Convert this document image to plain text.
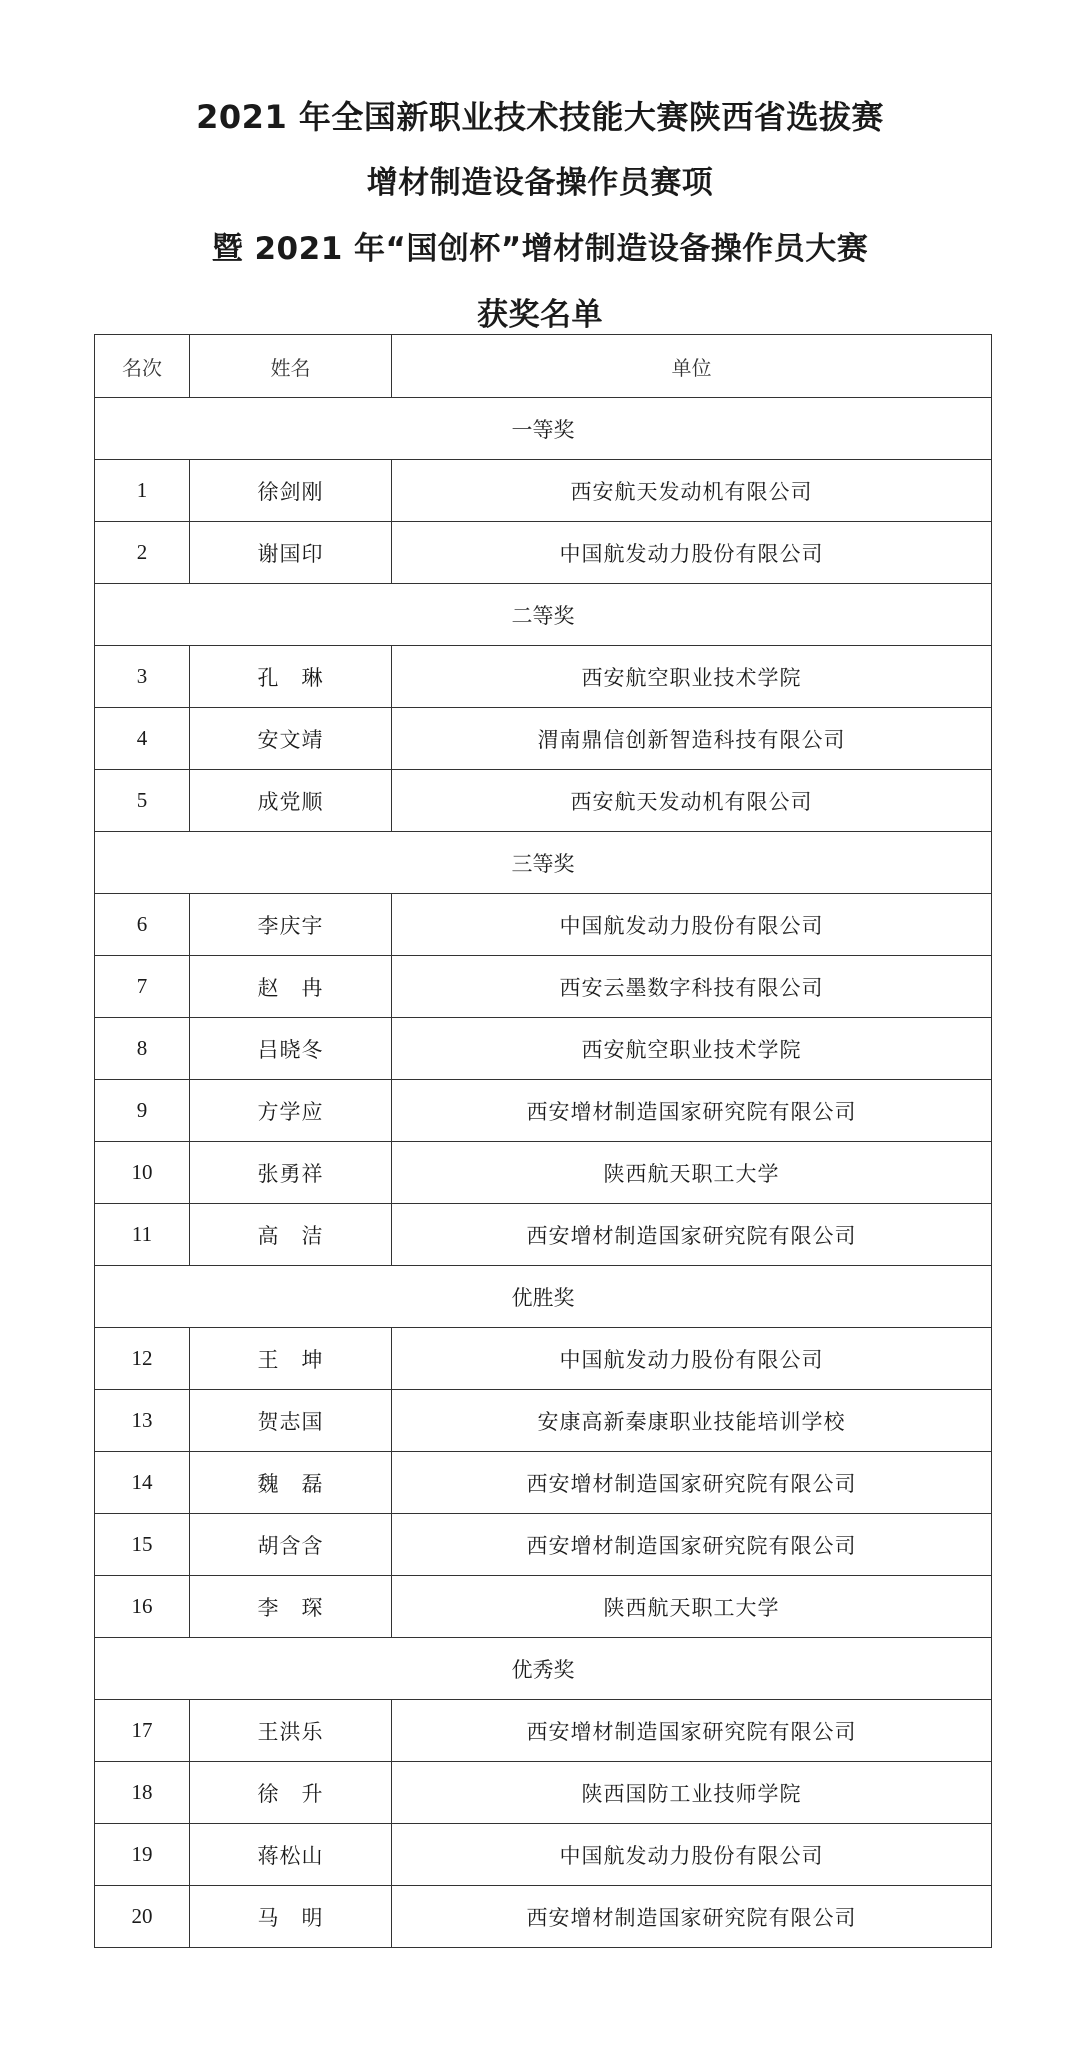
2021 年全国新职业技术技能大赛陕西省选拔赛
增材制造设备操作员赛项
暨 2021 年“国创杯”增材制造设备操作员大赛
获奖名单
名次	姓名	单位
一等奖		
1	徐剑刚	西安航天发动机有限公司
2	谢国印	中国航发动力股份有限公司
二等奖		
3	孔　琳	西安航空职业技术学院
4	安文靖	渭南鼎信创新智造科技有限公司
5	成党顺	西安航天发动机有限公司
三等奖		
6	李庆宇	中国航发动力股份有限公司
7	赵　冉	西安云墨数字科技有限公司
8	吕晓冬	西安航空职业技术学院
9	方学应	西安增材制造国家研究院有限公司
10	张勇祥	陕西航天职工大学
11	高　洁	西安增材制造国家研究院有限公司
优胜奖		
12	王　坤	中国航发动力股份有限公司
13	贺志国	安康高新秦康职业技能培训学校
14	魏　磊	西安增材制造国家研究院有限公司
15	胡含含	西安增材制造国家研究院有限公司
16	李　琛	陕西航天职工大学
优秀奖		
17	王洪乐	西安增材制造国家研究院有限公司
18	徐　升	陕西国防工业技师学院
19	蒋松山	中国航发动力股份有限公司
20	马　明	西安增材制造国家研究院有限公司
